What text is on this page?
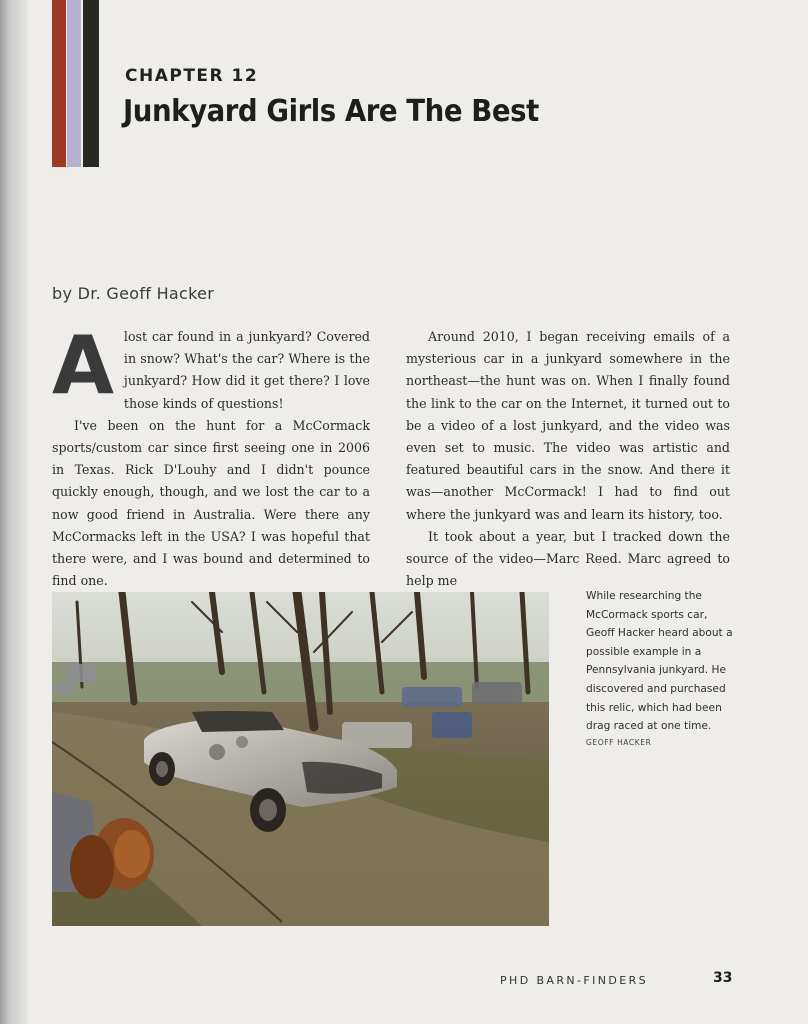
CHAPTER 12
Junkyard Girls Are The Best
by Dr. Geoff Hacker

Alost car found in a junkyard? Covered in snow? What's the car? Where is the junkyard? How did it get there? I love those kinds of questions!

I've been on the hunt for a McCormack sports/custom car since first seeing one in 2006 in Texas. Rick D'Louhy and I didn't pounce quickly enough, though, and we lost the car to a now good friend in Australia. Were there any McCormacks left in the USA? I was hopeful that there were, and I was bound and determined to find one.

Around 2010, I began receiving emails of a mysterious car in a junkyard somewhere in the northeast—the hunt was on. When I finally found the link to the car on the Internet, it turned out to be a video of a lost junkyard, and the video was even set to music. The video was artistic and featured beautiful cars in the snow. And there it was—another McCormack! I had to find out where the junkyard was and learn its history, too.

It took about a year, but I tracked down the source of the video—Marc Reed. Marc agreed to help me

While researching the McCormack sports car, Geoff Hacker heard about a possible example in a Pennsylvania junkyard. He discovered and purchased this relic, which had been drag raced at one time.
GEOFF HACKER
PHD BARN-FINDERS	33
